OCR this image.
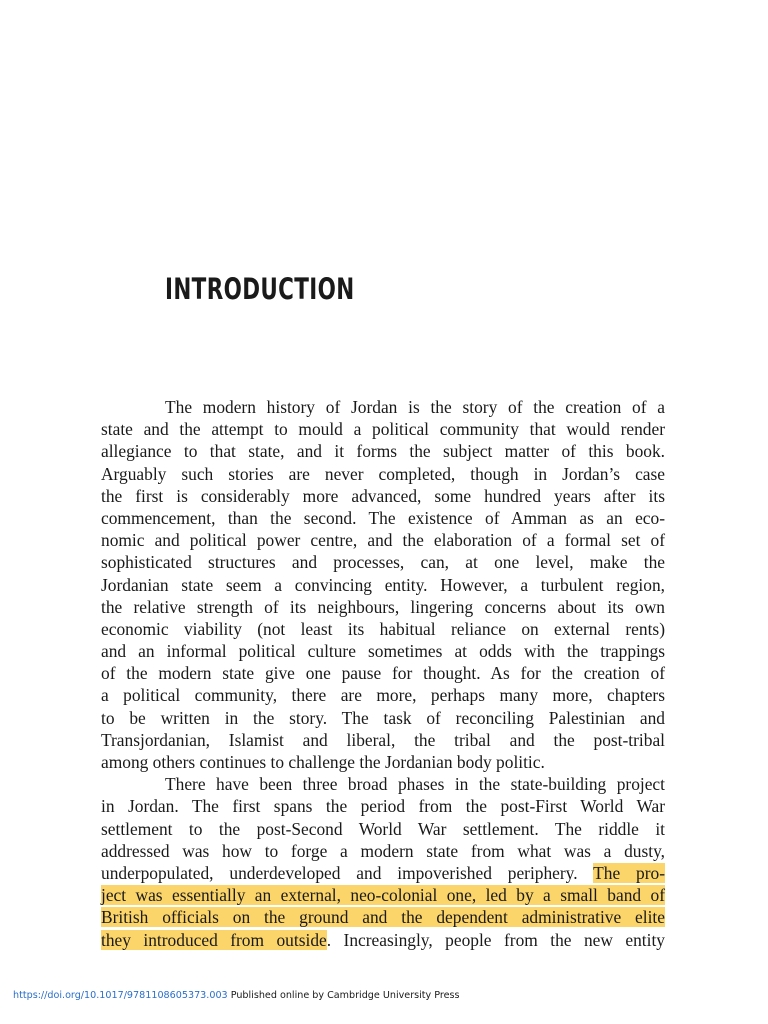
INTRODUCTION
The modern history of Jordan is the story of the creation of a
state and the attempt to mould a political community that would render
allegiance to that state, and it forms the subject matter of this book.
Arguably such stories are never completed, though in Jordan’s case
the first is considerably more advanced, some hundred years after its
commencement, than the second. The existence of Amman as an eco-
nomic and political power centre, and the elaboration of a formal set of
sophisticated structures and processes, can, at one level, make the
Jordanian state seem a convincing entity. However, a turbulent region,
the relative strength of its neighbours, lingering concerns about its own
economic viability (not least its habitual reliance on external rents)
and an informal political culture sometimes at odds with the trappings
of the modern state give one pause for thought. As for the creation of
a political community, there are more, perhaps many more, chapters
to be written in the story. The task of reconciling Palestinian and
Transjordanian, Islamist and liberal, the tribal and the post-tribal
among others continues to challenge the Jordanian body politic.
There have been three broad phases in the state-building project
in Jordan. The first spans the period from the post-First World War
settlement to the post-Second World War settlement. The riddle it
addressed was how to forge a modern state from what was a dusty,
underpopulated, underdeveloped and impoverished periphery. The pro-
ject was essentially an external, neo-colonial one, led by a small band of
British officials on the ground and the dependent administrative elite
they introduced from outside. Increasingly, people from the new entity
https://doi.org/10.1017/9781108605373.003 Published online by Cambridge University Press
